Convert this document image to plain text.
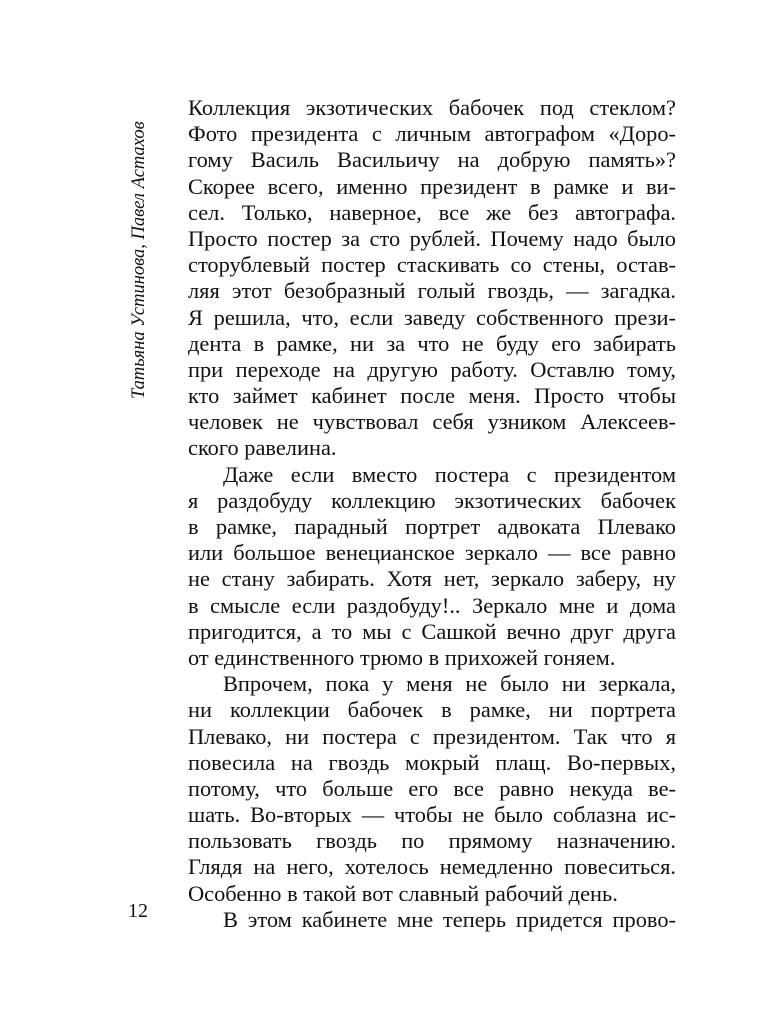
Татьяна Устинова, Павел Астахов
Коллекция экзотических бабочек под стеклом?
Фото президента с личным автографом «Доро-
гому Василь Васильичу на добрую память»?
Скорее всего, именно президент в рамке и ви-
сел. Только, наверное, все же без автографа.
Просто постер за сто рублей. Почему надо было
сторублевый постер стаскивать со стены, остав-
ляя этот безобразный голый гвоздь, — загадка.
Я решила, что, если заведу собственного прези-
дента в рамке, ни за что не буду его забирать
при переходе на другую работу. Оставлю тому,
кто займет кабинет после меня. Просто чтобы
человек не чувствовал себя узником Алексеев-
ского равелина.
Даже если вместо постера с президентом
я раздобуду коллекцию экзотических бабочек
в рамке, парадный портрет адвоката Плевако
или большое венецианское зеркало — все равно
не стану забирать. Хотя нет, зеркало заберу, ну
в смысле если раздобуду!.. Зеркало мне и дома
пригодится, а то мы с Сашкой вечно друг друга
от единственного трюмо в прихожей гоняем.
Впрочем, пока у меня не было ни зеркала,
ни коллекции бабочек в рамке, ни портрета
Плевако, ни постера с президентом. Так что я
повесила на гвоздь мокрый плащ. Во-первых,
потому, что больше его все равно некуда ве-
шать. Во-вторых — чтобы не было соблазна ис-
пользовать гвоздь по прямому назначению.
Глядя на него, хотелось немедленно повеситься.
Особенно в такой вот славный рабочий день.
В этом кабинете мне теперь придется прово-
12
